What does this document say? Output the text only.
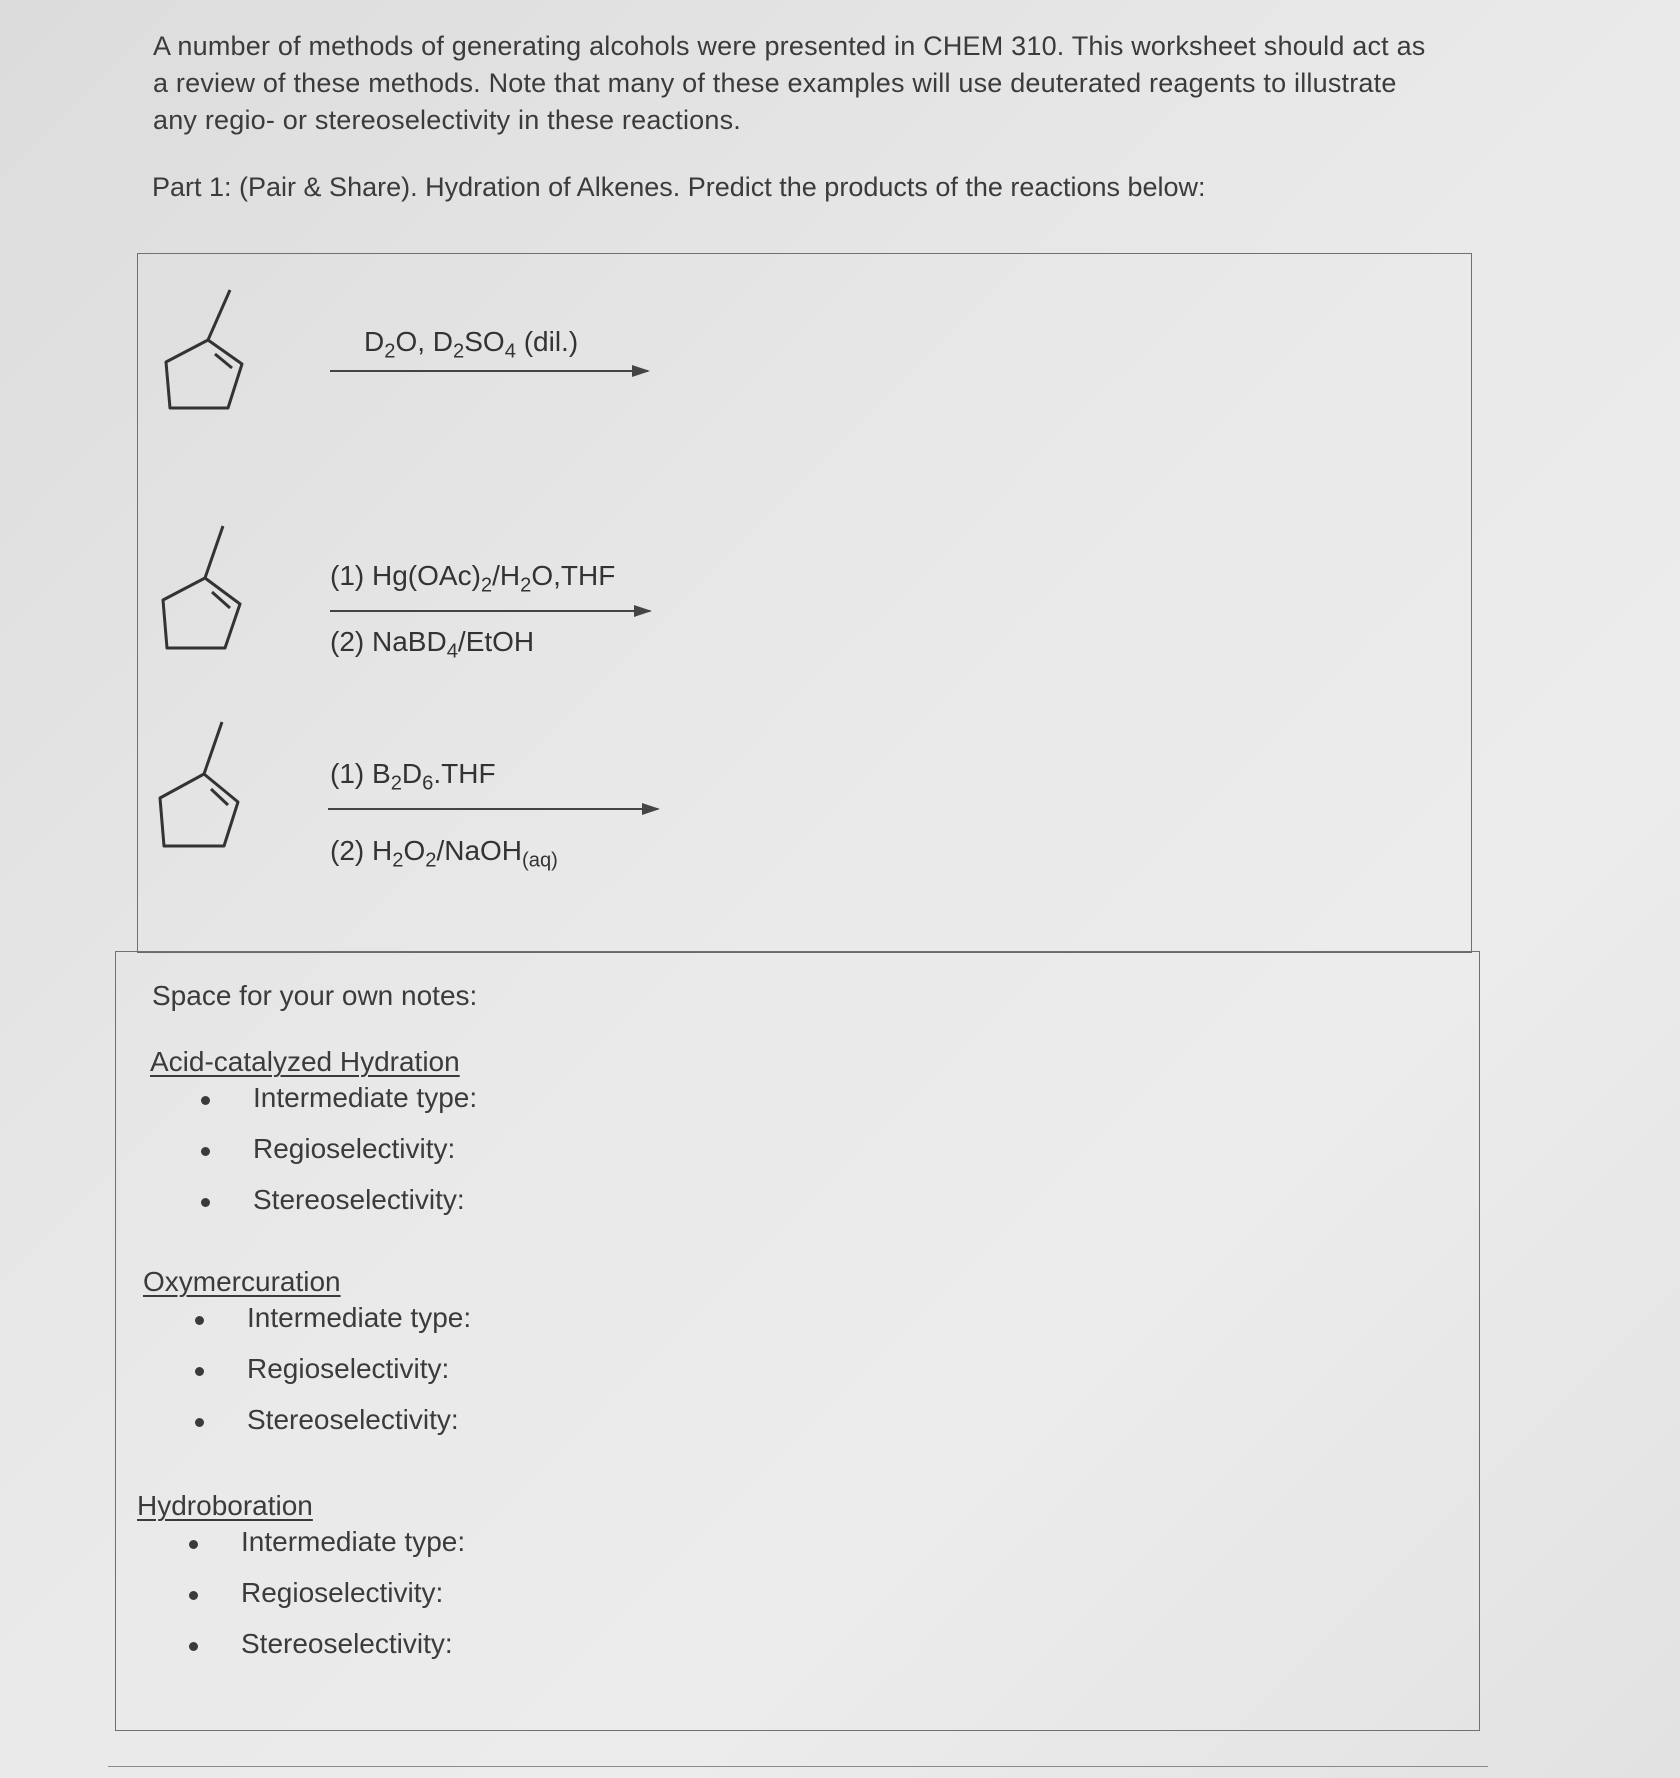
A number of methods of generating alcohols were presented in CHEM 310. This worksheet should act as

a review of these methods. Note that many of these examples will use deuterated reagents to illustrate

any regio- or stereoselectivity in these reactions.

Part 1: (Pair & Share). Hydration of Alkenes. Predict the products of the reactions below:
$D_2O$, $D_2SO_4$ (dil.)
(1) $Hg(OAc)_2/H_2O,THF$
(2) NaBD$_4$/EtOH
(1) $B_2D_6.THF$
(2) $H_2O_2/NaOH_{(aq)}$

Space for your own notes:

Acid-catalyzed Hydration
Intermediate type:
Regioselectivity:
Stereoselectivity:
Oxymercuration
Intermediate type:
Regioselectivity:
Stereoselectivity:
Hydroboration
Intermediate type:
Regioselectivity:
Stereoselectivity:
